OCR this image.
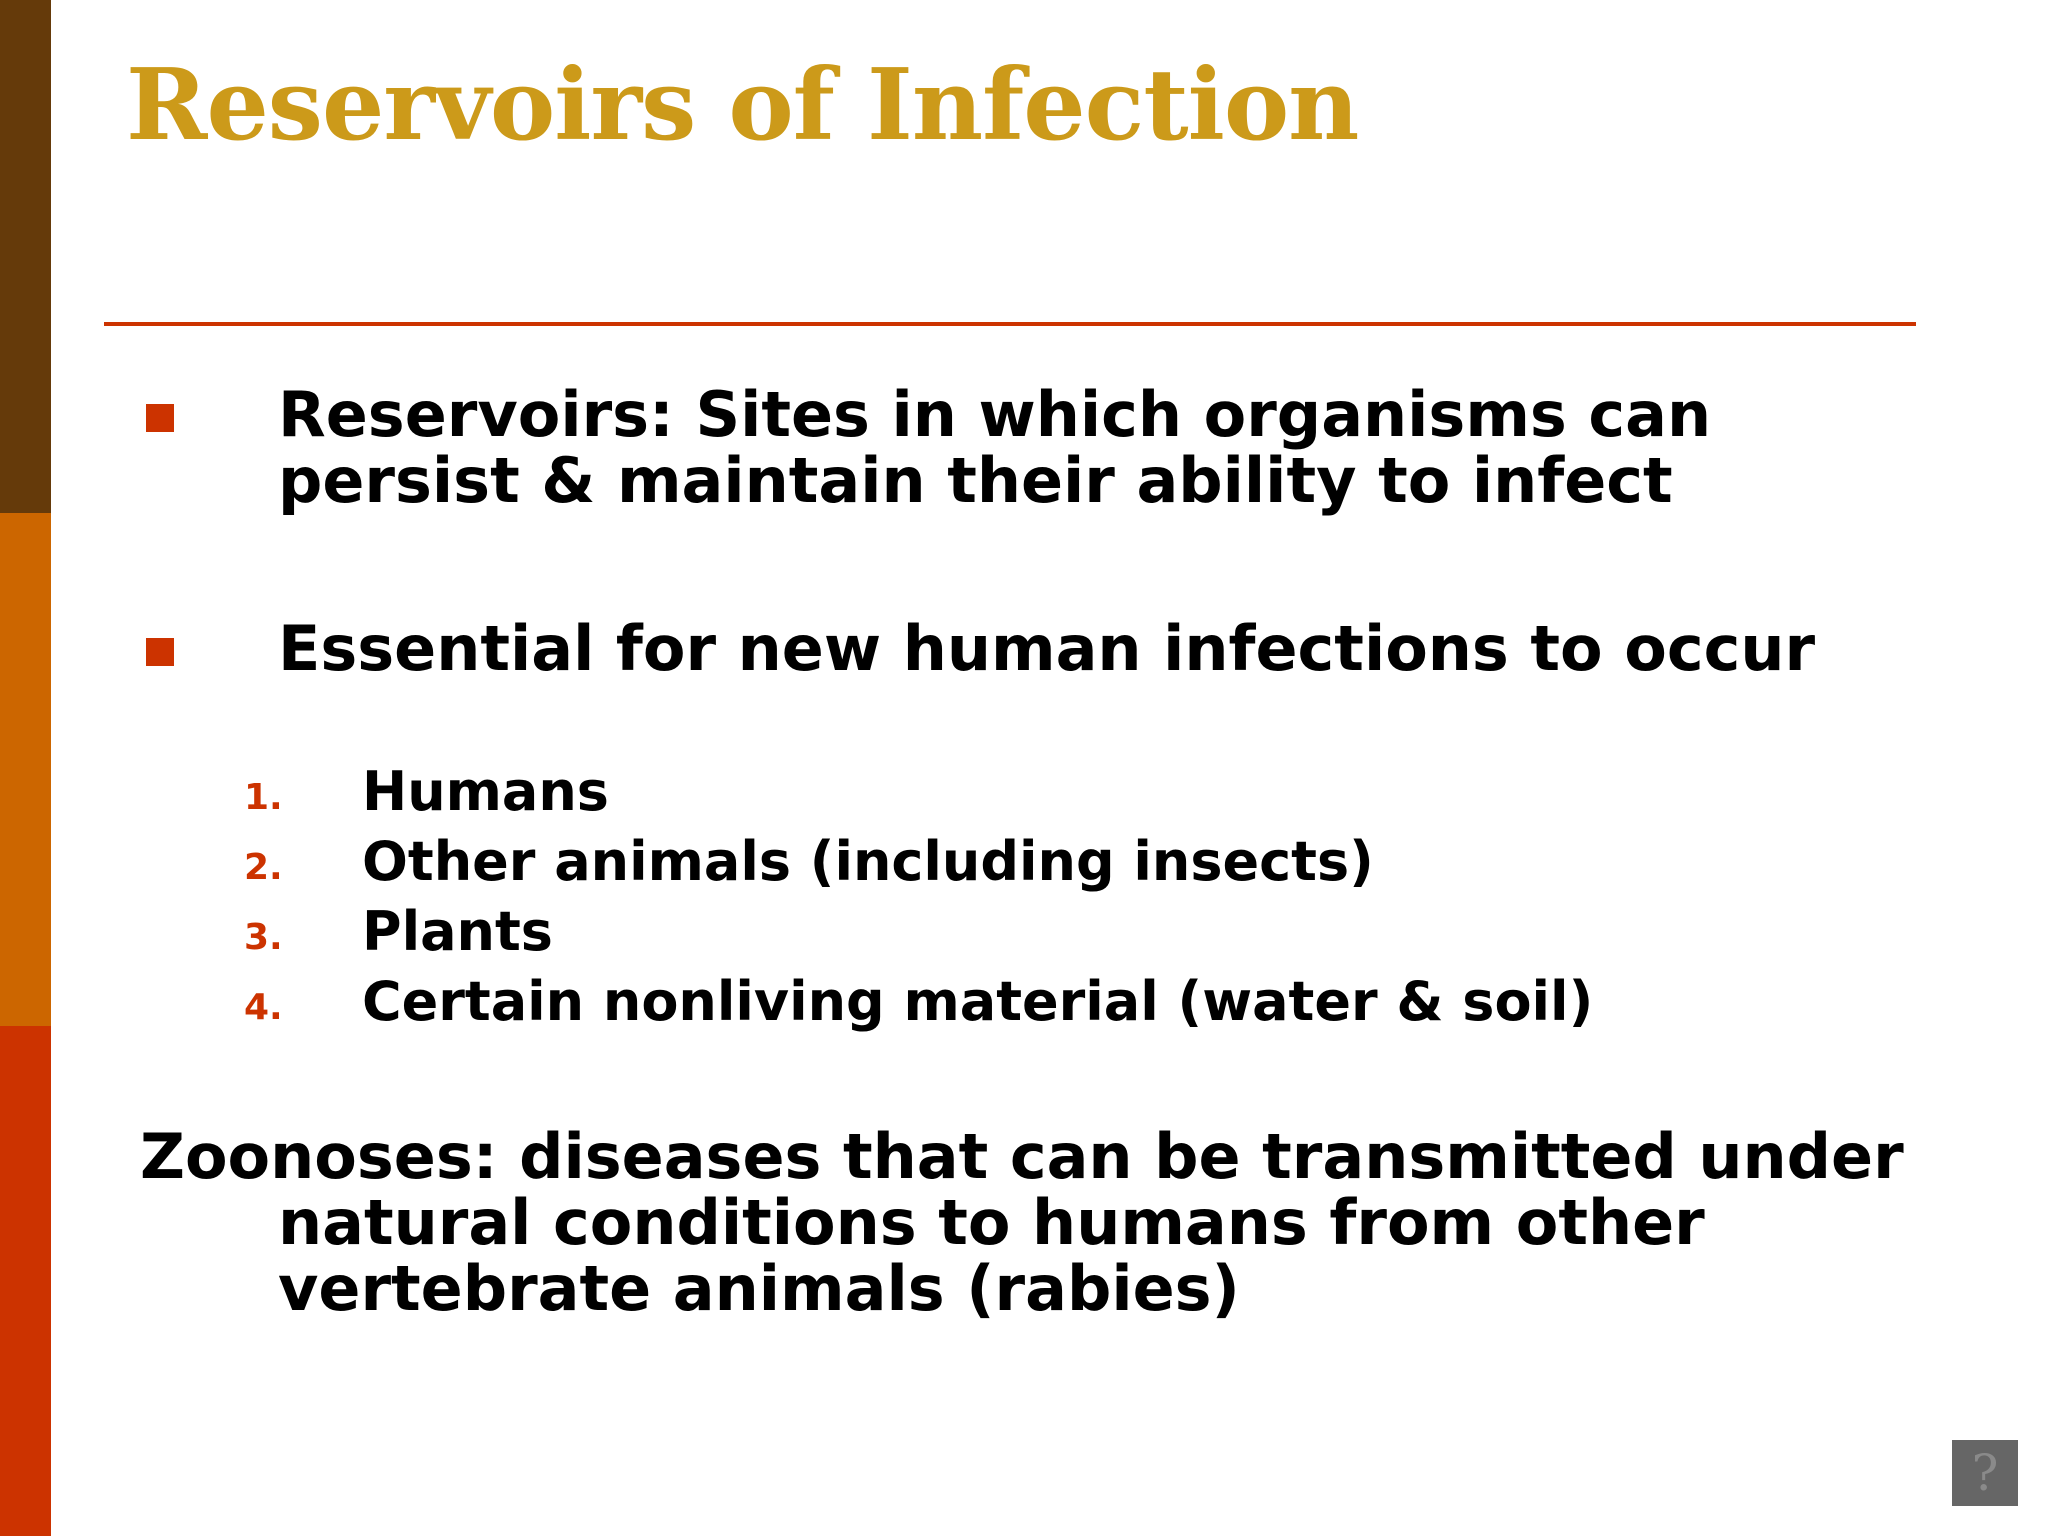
Reservoirs of Infection

Reservoirs: Sites in which organisms can persist & maintain their ability to infect

Essential for new human infections to occur

1. Humans
2. Other animals (including insects)
3. Plants
4. Certain nonliving material (water & soil)

Zoonoses: diseases that can be transmitted under natural conditions to humans from other vertebrate animals (rabies)

?
